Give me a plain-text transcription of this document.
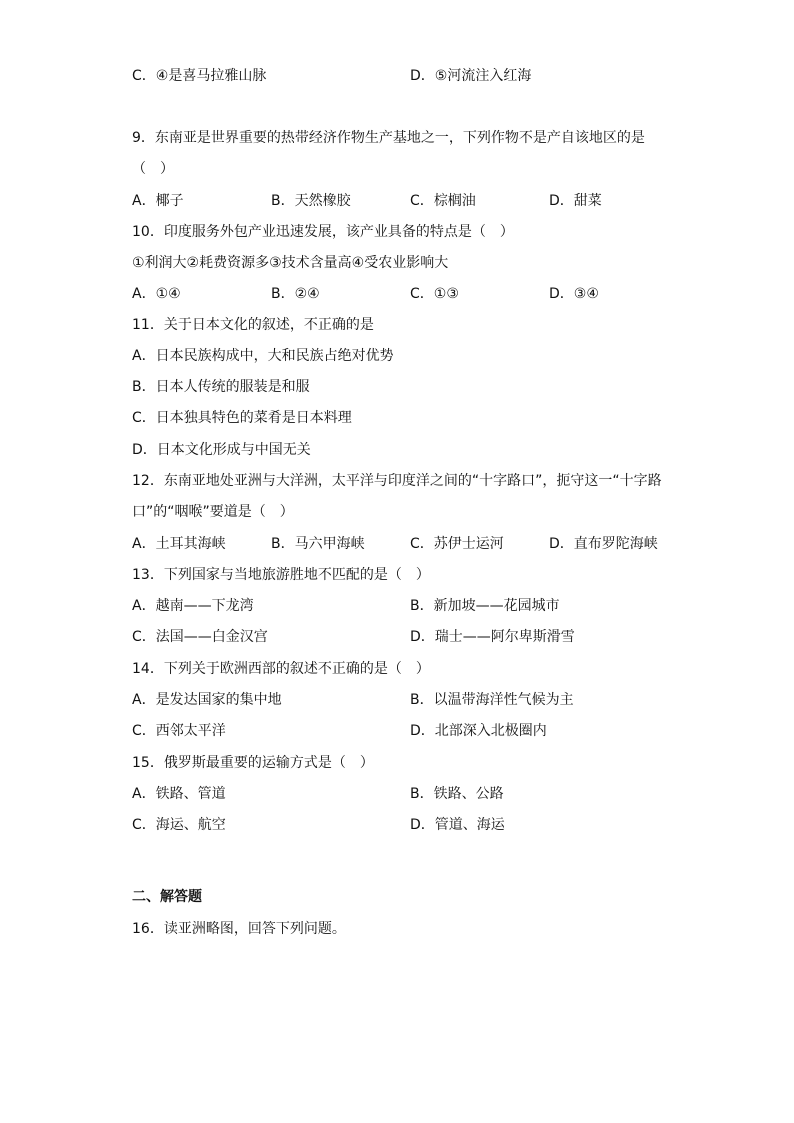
C．④是喜马拉雅山脉	D．⑤河流注入红海
9．东南亚是世界重要的热带经济作物生产基地之一，下列作物不是产自该地区的是
（　）
A．椰子	B．天然橡胶	C．棕榈油	D．甜菜
10．印度服务外包产业迅速发展，该产业具备的特点是（　）
①利润大②耗费资源多③技术含量高④受农业影响大
A．①④	B．②④	C．①③	D．③④
11．关于日本文化的叙述，不正确的是
A．日本民族构成中，大和民族占绝对优势
B．日本人传统的服装是和服
C．日本独具特色的菜肴是日本料理
D．日本文化形成与中国无关
12．东南亚地处亚洲与大洋洲，太平洋与印度洋之间的“十字路口”，扼守这一“十字路
口”的“咽喉”要道是（　）
A．土耳其海峡	B．马六甲海峡	C．苏伊士运河	D．直布罗陀海峡
13．下列国家与当地旅游胜地不匹配的是（　）
A．越南——下龙湾	B．新加坡——花园城市
C．法国——白金汉宫	D．瑞士——阿尔卑斯滑雪
14．下列关于欧洲西部的叙述不正确的是（　）
A．是发达国家的集中地	B．以温带海洋性气候为主
C．西邻太平洋	D．北部深入北极圈内
15．俄罗斯最重要的运输方式是（　）
A．铁路、管道	B．铁路、公路
C．海运、航空	D．管道、海运
二、解答题
16．读亚洲略图，回答下列问题。
